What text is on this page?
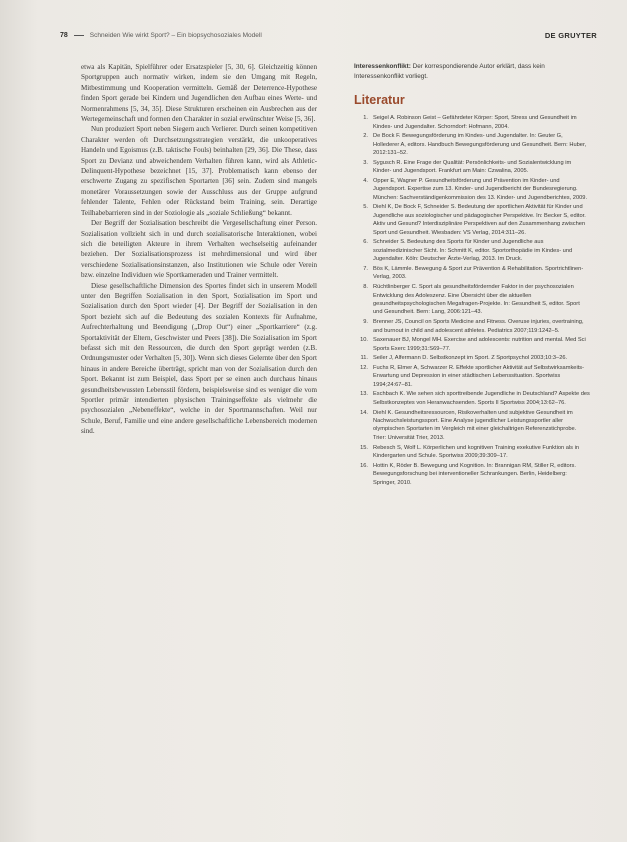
78	Schneiden Wie wirkt Sport? – Ein biopsychosoziales Modell	DE GRUYTER

etwa als Kapitän, Spielführer oder Ersatzspieler [5, 30, 6]. Gleichzeitig können Sportgruppen auch normativ wirken, indem sie den Umgang mit Regeln, Mitbestimmung und Kooperation vermitteln. Gemäß der Deterrence-Hypothese finden Sport gerade bei Kindern und Jugendlichen den Aufbau eines Werte- und Normenrahmens [5, 34, 35]. Diese Strukturen erscheinen ein Ausbrechen aus der Wertegemeinschaft und formen den Charakter in sozial erwünschter Weise [5, 36].

Nun produziert Sport neben Siegern auch Verlierer. Durch seinen kompetitiven Charakter werden oft Durchsetzungsstrategien verstärkt, die unkooperatives Handeln und Egoismus (z.B. taktische Fouls) beinhalten [29, 36]. Die These, dass Sport zu Devianz und abweichendem Verhalten führen kann, wird als Athletic-Delinquent-Hypothese bezeichnet [15, 37]. Problematisch kann ebenso der erschwerte Zugang zu spezifischen Sportarten [36] sein. Zudem sind mangels monetärer Voraussetzungen sowie der Ausschluss aus der Gruppe aufgrund fehlender Talente, Fehlen oder Rückstand beim Training, sein. Derartige Teilhabebarrieren sind in der Soziologie als „soziale Schließung“ bekannt.

Der Begriff der Sozialisation beschreibt die Vergesellschaftung einer Person. Sozialisation vollzieht sich in und durch sozialisatorische Interaktionen, wobei sich die beteiligten Akteure in ihrem Verhalten wechselseitig aufeinander beziehen. Der Sozialisationsprozess ist mehrdimensional und wird über verschiedene Sozialisationsinstanzen, also Institutionen wie Schule oder Verein bzw. einzelne Individuen wie Sportkameraden und Trainer vermittelt.

Diese gesellschaftliche Dimension des Sportes findet sich in unserem Modell unter den Begriffen Sozialisation in den Sport, Sozialisation im Sport und Sozialisation durch den Sport wieder [4]. Der Begriff der Sozialisation in den Sport bezieht sich auf die Bedeutung des sozialen Kontexts für Aufnahme, Aufrechterhaltung und Beendigung („Drop Out“) einer „Sportkarriere“ (z.g. Sportaktivität der Eltern, Geschwister und Peers [38]). Die Sozialisation im Sport befasst sich mit den Ressourcen, die durch den Sport geprägt werden (z.B. Ordnungsmuster oder Verhalten [5, 30]). Wenn sich dieses Gelernte über den Sport hinaus in andere Bereiche überträgt, spricht man von der Sozialisation durch den Sport. Bekannt ist zum Beispiel, dass Sport per se einen auch durchaus hinaus gesundheitsbewussten Lebensstil fördern, beispielsweise sind es weniger die vom Sportler primär intendierten physischen Trainingseffekte als vielmehr die psychosozialen „Nebeneffekte“, welche in der Sportmannschaften. Weil nur Schule, Beruf, Familie und eine andere gesellschaftliche Lebensbereich modernen sind.

Interessenkonflikt: Der korrespondierende Autor erklärt, dass kein Interessenkonflikt vorliegt.

Literatur
1. Seigel A. Robinson Geist – Gefährdeter Körper: Sport, Stress und Gesundheit im Kindes- und Jugendalter. Schorndorf: Hofmann, 2004.
2. De Bock F. Bewegungsförderung im Kindes- und Jugendalter. In: Geuter G, Hollederer A, editors. Handbuch Bewegungsförderung und Gesundheit. Bern: Huber, 2012:131–52.
3. Sygusch R. Eine Frage der Qualität: Persönlichkeits- und Sozialentwicklung im Kinder- und Jugendsport. Frankfurt am Main: Czwalina, 2005.
4. Opper E, Wagner P. Gesundheitsförderung und Prävention im Kinder- und Jugendsport. Expertise zum 13. Kinder- und Jugendbericht der Bundesregierung. München: Sachverständigenkommission des 13. Kinder- und Jugendberichtes, 2009.
5. Diehl K, De Bock F, Schneider S. Bedeutung der sportlichen Aktivität für Kinder und Jugendliche aus soziologischer und pädagogischer Perspektive. In: Becker S, editor. Aktiv und Gesund? Interdisziplinäre Perspektiven auf den Zusammenhang zwischen Sport und Gesundheit. Wiesbaden: VS Verlag, 2014:311–26.
6. Schneider S. Bedeutung des Sports für Kinder und Jugendliche aus sozialmedizinischer Sicht. In: Schmitt K, editor. Sportorthopädie im Kindes- und Jugendalter. Köln: Deutscher Ärzte-Verlag, 2013. Im Druck.
7. Bös K, Lämmle. Bewegung & Sport zur Prävention & Rehabilitation. Sportrichtlinen-Verlag, 2003.
8. Rüchtlinberger C. Sport als gesundheitsfördernder Faktor in der psychosozialen Entwicklung des Adoleszenz. Eine Übersicht über die aktuellen gesundheitspsychologischen Megafragen-Projekte. In: Gesundheit S, editor. Sport und Gesundheit. Bern: Lang, 2006:121–43.
9. Brenner JS, Council on Sports Medicine and Fitness. Overuse injuries, overtraining, and burnout in child and adolescent athletes. Pediatrics 2007;119:1242–5.
10. Saxenauer BJ, Mongel MH. Exercise and adolescents: nutrition and mental. Med Sci Sports Exerc 1999;31:S69–77.
11. Seiler J, Alfermann D. Selbstkonzept im Sport. Z Sportpsychol 2003;10:3–26.
12. Fuchs R, Elmer A, Schwarzer R. Effekte sportlicher Aktivität auf Selbstwirksamkeits-Erwartung und Depression in einer städtischen Lebenssituation. Sportwiss 1994;24:67–81.
13. Eschbach K. Wie sehen sich sporttreibende Jugendliche in Deutschland? Aspekte des Selbstkonzeptes von Heranwachsenden. Sports Il Sportwiss 2004;13:62–76.
14. Diehl K. Gesundheitsressourcen, Risikoverhalten und subjektive Gesundheit im Nachwuchsleistungssport. Eine Analyse jugendlicher Leistungssportler aller olympischen Sportarten im Vergleich mit einer gleichaltrigen Referenzstichprobe. Trier: Universität Trier, 2013.
15. Rebesch S, Wolf L. Körperlichen und kognitiven Training exekutive Funktion als in Kindergarten und Schule. Sportwiss 2009;39:309–17.
16. Hottin K, Röder B. Bewegung und Kognition. In: Brannigan RM, Stiller R, editors. Bewegungsforschung bei interventioneller Schrankungen. Berlin, Heidelberg: Springer, 2010.
